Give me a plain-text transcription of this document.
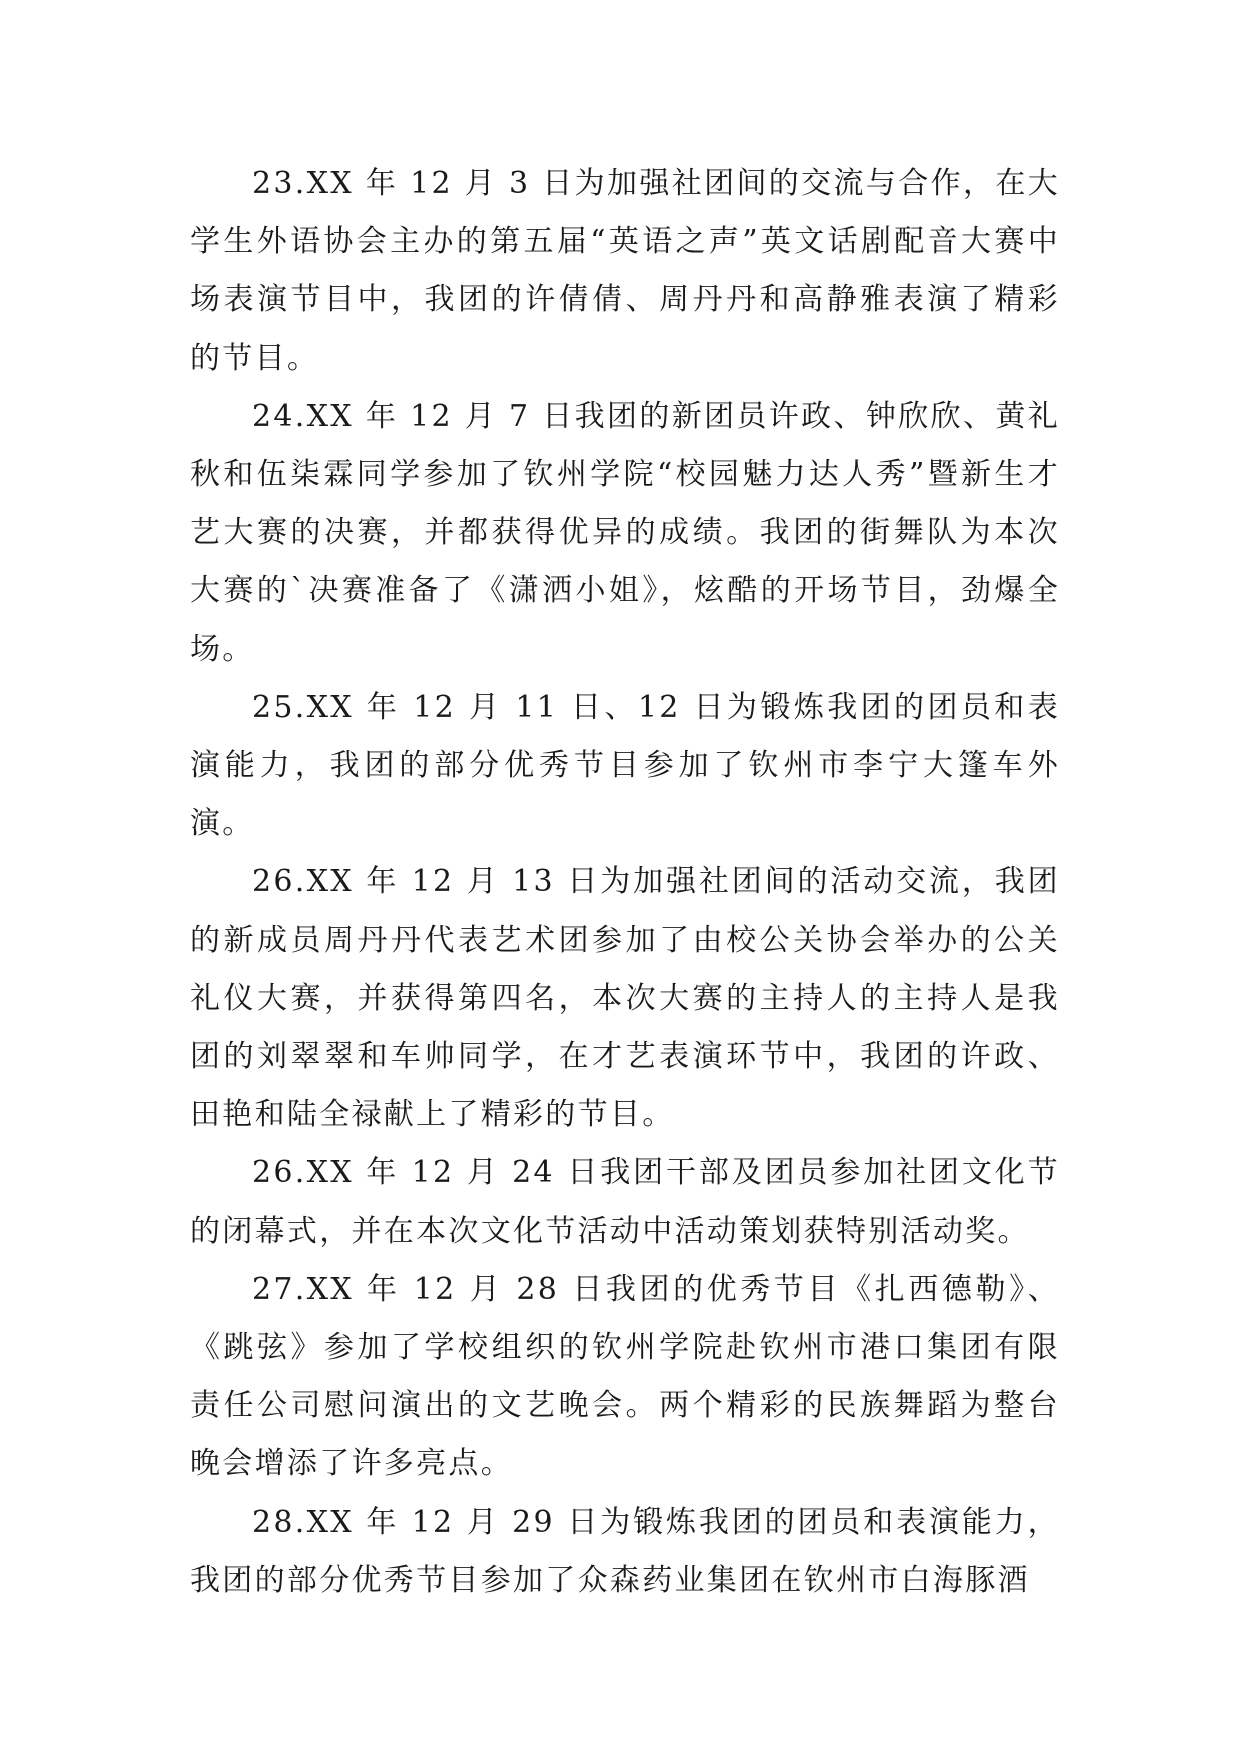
23.XX 年 12 月 3 日为加强社团间的交流与合作，在大学生外语协会主办的第五届“英语之声”英文话剧配音大赛中场表演节目中，我团的许倩倩、周丹丹和高静雅表演了精彩的节目。

24.XX 年 12 月 7 日我团的新团员许政、钟欣欣、黄礼秋和伍柒霖同学参加了钦州学院“校园魅力达人秀”暨新生才艺大赛的决赛，并都获得优异的成绩。我团的街舞队为本次大赛的`决赛准备了《潇洒小姐》，炫酷的开场节目，劲爆全场。

25.XX 年 12 月 11 日、12 日为锻炼我团的团员和表演能力，我团的部分优秀节目参加了钦州市李宁大篷车外演。

26.XX 年 12 月 13 日为加强社团间的活动交流，我团的新成员周丹丹代表艺术团参加了由校公关协会举办的公关礼仪大赛，并获得第四名，本次大赛的主持人的主持人是我团的刘翠翠和车帅同学，在才艺表演环节中，我团的许政、田艳和陆全禄献上了精彩的节目。

26.XX 年 12 月 24 日我团干部及团员参加社团文化节的闭幕式，并在本次文化节活动中活动策划获特别活动奖。

27.XX 年 12 月 28 日我团的优秀节目《扎西德勒》、《跳弦》参加了学校组织的钦州学院赴钦州市港口集团有限责任公司慰问演出的文艺晚会。两个精彩的民族舞蹈为整台晚会增添了许多亮点。

28.XX 年 12 月 29 日为锻炼我团的团员和表演能力，我团的部分优秀节目参加了众森药业集团在钦州市白海豚酒
